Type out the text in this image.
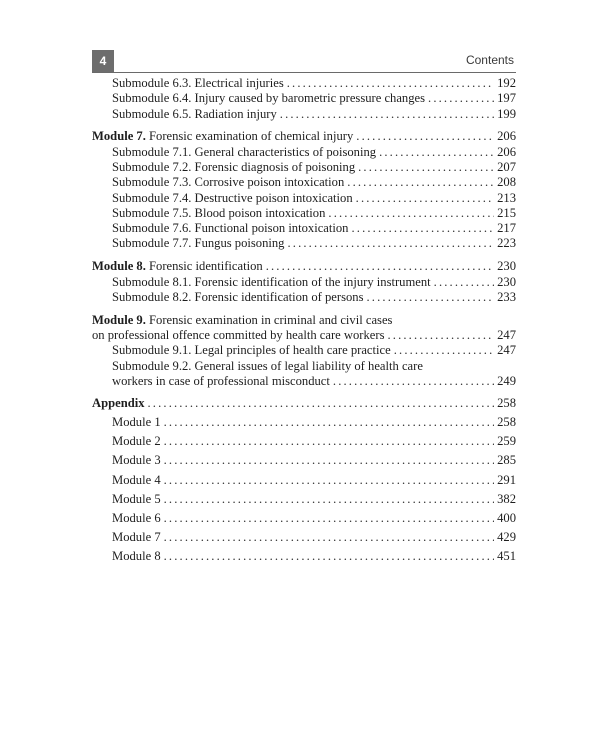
4	Contents
Submodule 6.3. Electrical injuries . . .	192
Submodule 6.4. Injury caused by barometric pressure changes . . .	197
Submodule 6.5. Radiation injury . . .	199
Module 7. Forensic examination of chemical injury . . .	206
Submodule 7.1. General characteristics of poisoning . . .	206
Submodule 7.2. Forensic diagnosis of poisoning . . .	207
Submodule 7.3. Corrosive poison intoxication . . .	208
Submodule 7.4. Destructive poison intoxication . . .	213
Submodule 7.5. Blood poison intoxication . . .	215
Submodule 7.6. Functional poison intoxication . . .	217
Submodule 7.7. Fungus poisoning . . .	223
Module 8. Forensic identification . . .	230
Submodule 8.1. Forensic identification of the injury instrument . . .	230
Submodule 8.2. Forensic identification of persons . . .	233
Module 9. Forensic examination in criminal and civil cases
on professional offence committed by health care workers . . .	247
Submodule 9.1. Legal principles of health care practice . . .	247
Submodule 9.2. General issues of legal liability of health care
workers in case of professional misconduct . . .	249
Appendix . . .	258
Module 1 . . .	258
Module 2 . . .	259
Module 3 . . .	285
Module 4 . . .	291
Module 5 . . .	382
Module 6 . . .	400
Module 7 . . .	429
Module 8 . . .	451
